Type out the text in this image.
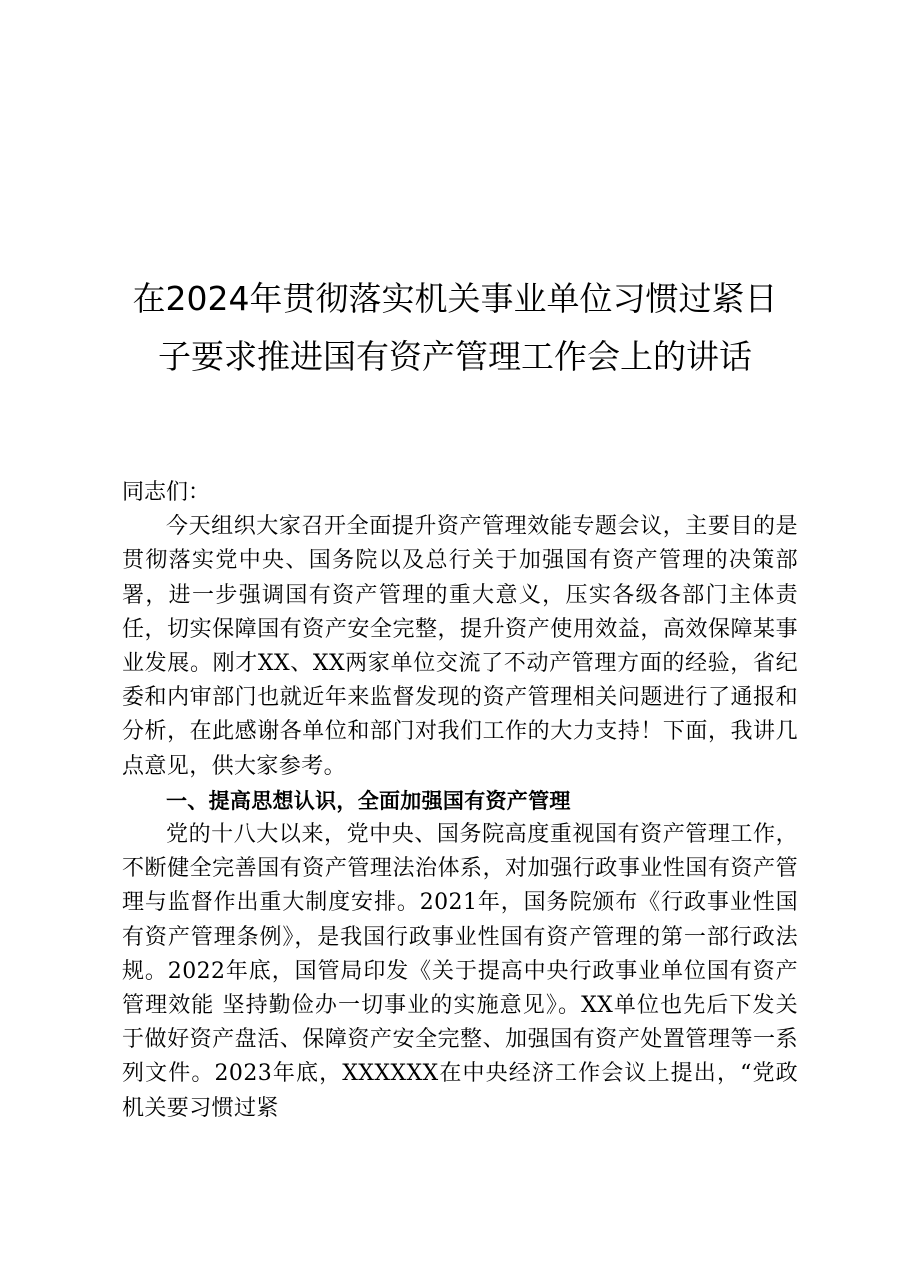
在2024年贯彻落实机关事业单位习惯过紧日
子要求推进国有资产管理工作会上的讲话

同志们：

今天组织大家召开全面提升资产管理效能专题会议，主要目的是贯彻落实党中央、国务院以及总行关于加强国有资产管理的决策部署，进一步强调国有资产管理的重大意义，压实各级各部门主体责任，切实保障国有资产安全完整，提升资产使用效益，高效保障某事业发展。刚才XX、XX两家单位交流了不动产管理方面的经验，省纪委和内审部门也就近年来监督发现的资产管理相关问题进行了通报和分析，在此感谢各单位和部门对我们工作的大力支持！下面，我讲几点意见，供大家参考。

一、提高思想认识，全面加强国有资产管理

党的十八大以来，党中央、国务院高度重视国有资产管理工作，不断健全完善国有资产管理法治体系，对加强行政事业性国有资产管理与监督作出重大制度安排。2021年，国务院颁布《行政事业性国有资产管理条例》，是我国行政事业性国有资产管理的第一部行政法规。2022年底，国管局印发《关于提高中央行政事业单位国有资产管理效能 坚持勤俭办一切事业的实施意见》。XX单位也先后下发关于做好资产盘活、保障资产安全完整、加强国有资产处置管理等一系列文件。2023年底，XXXXXX在中央经济工作会议上提出，“党政机关要习惯过紧
